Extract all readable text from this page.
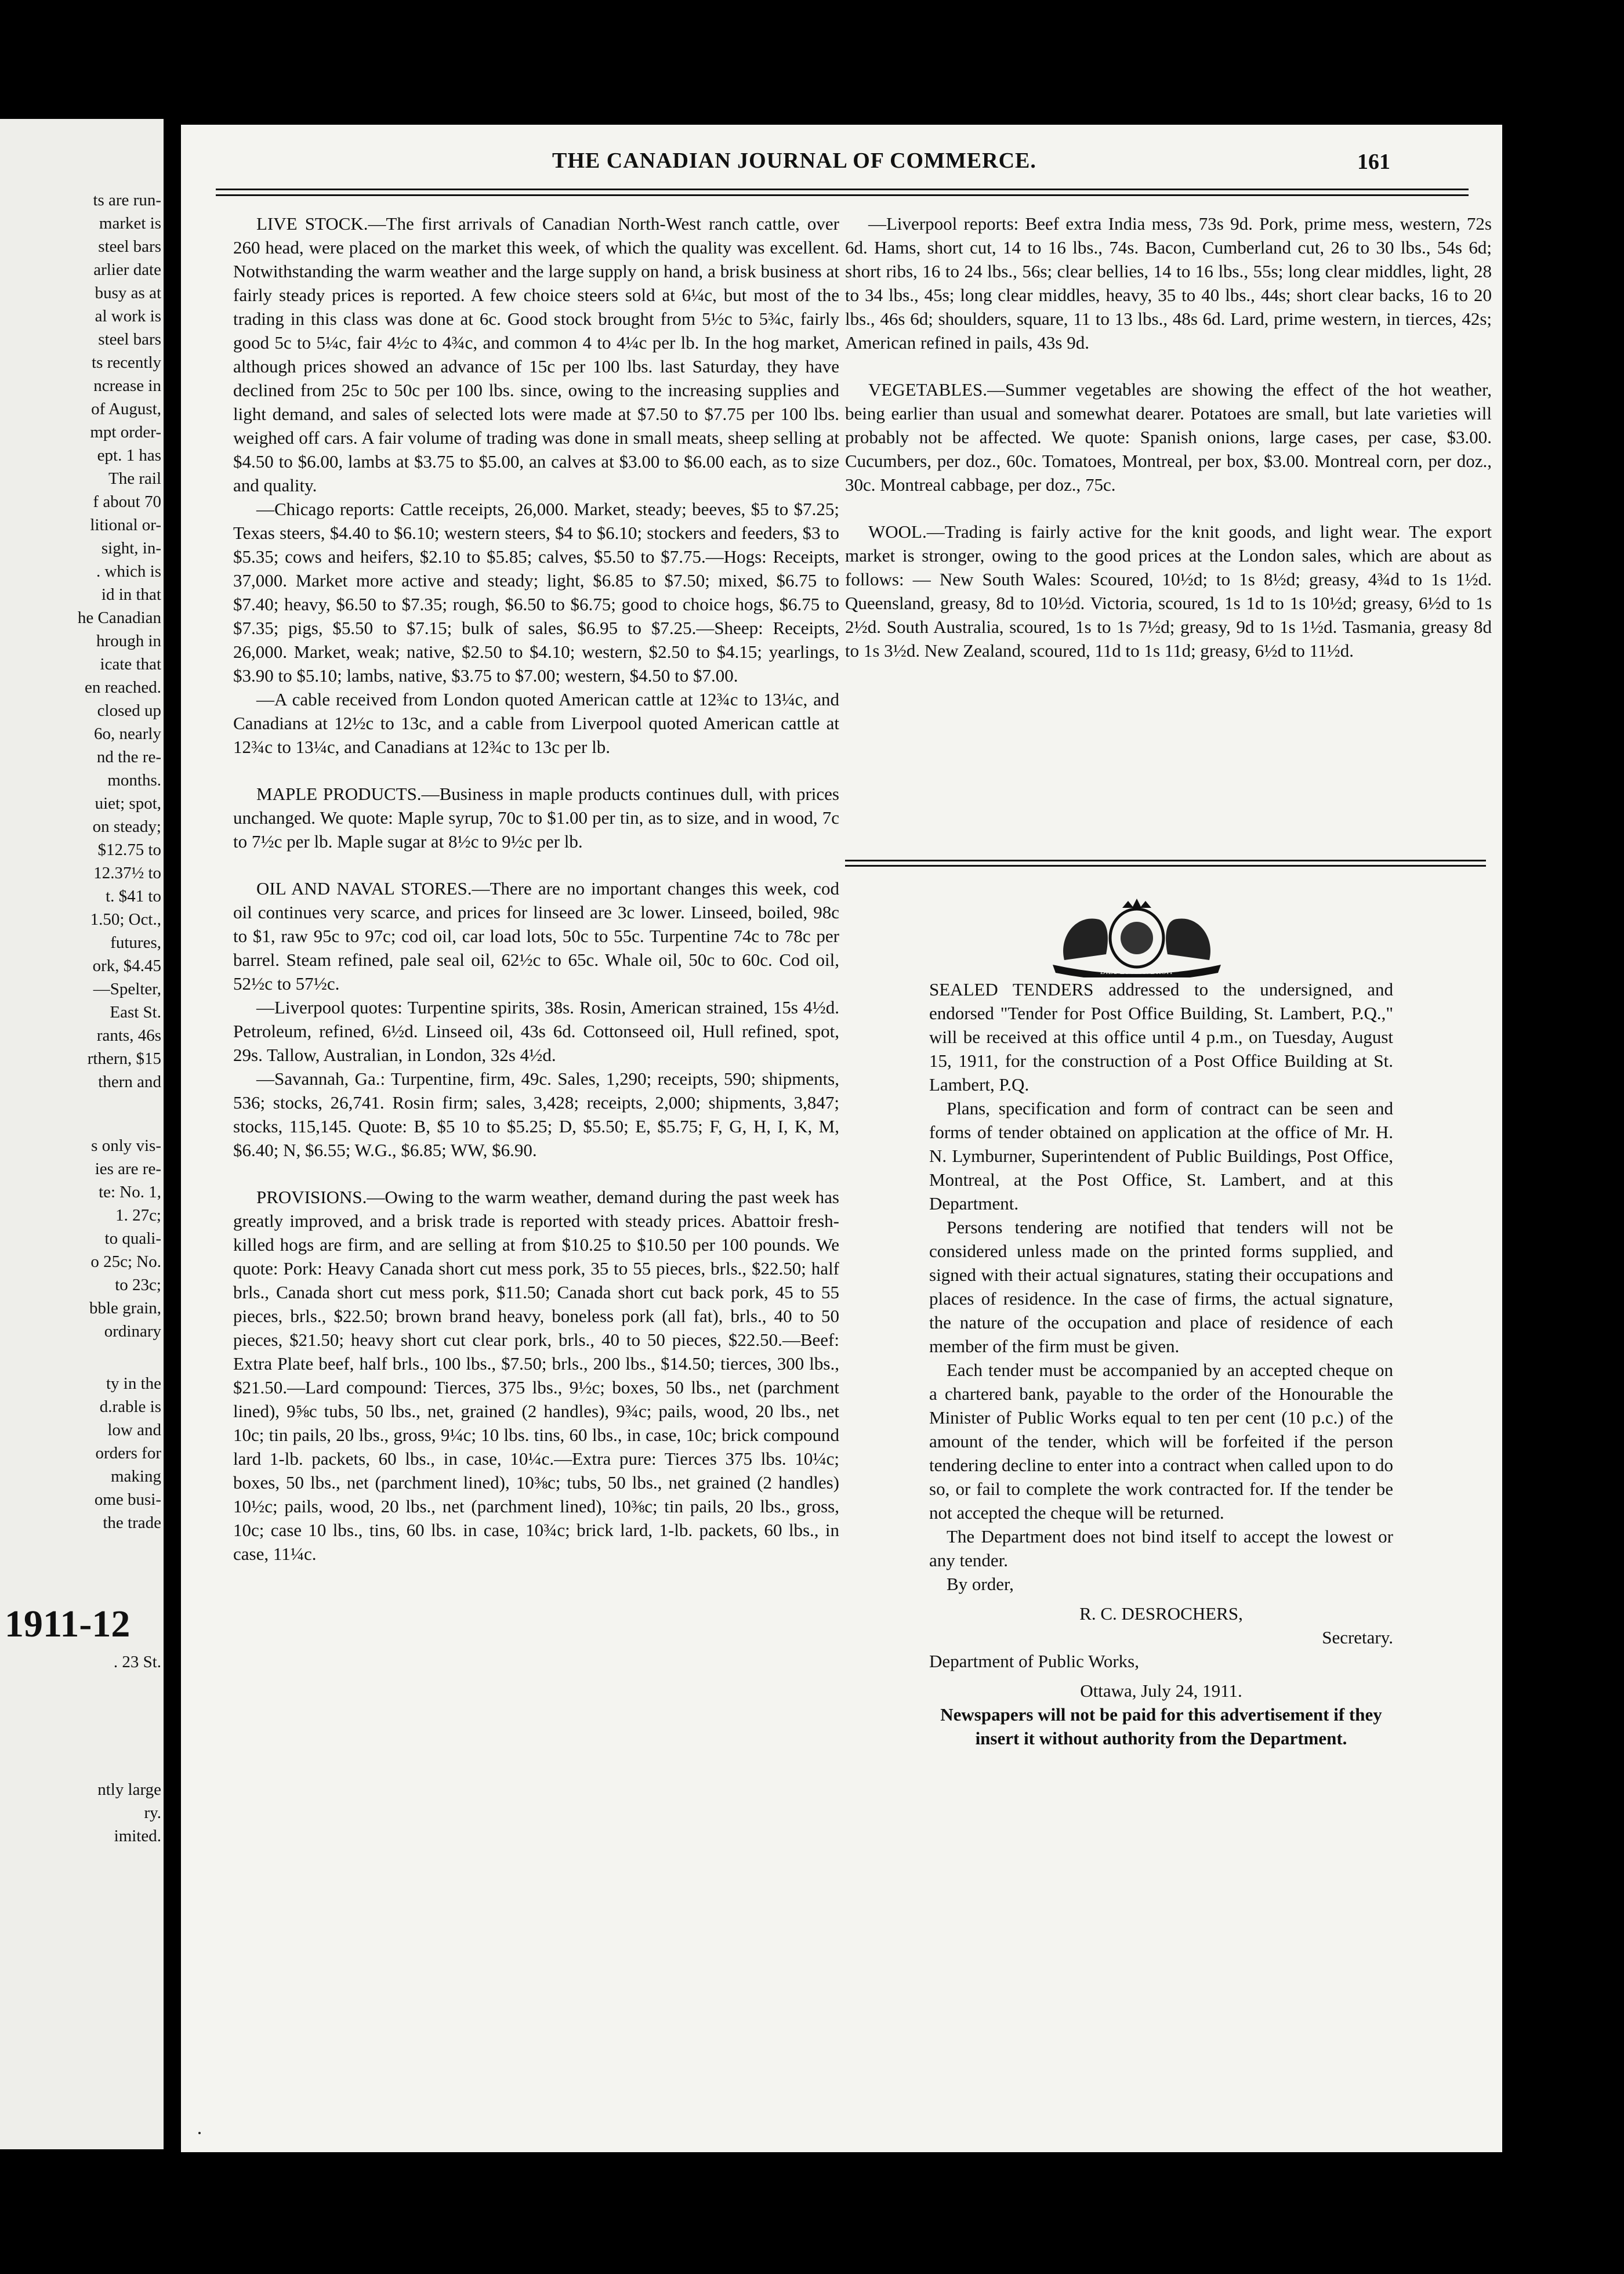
ts are run-
market is
steel bars
arlier date
busy as at
al work is
steel bars
ts recently
ncrease in
of August,
mpt order-
ept. 1 has
The rail
f about 70
litional or-
sight, in-
. which is
id in that
he Canadian
hrough in
icate that
en reached.
closed up
6o, nearly
nd the re-
months.
uiet; spot,
on steady;
$12.75 to
12.37½ to
t. $41 to
1.50; Oct.,
futures,
ork, $4.45
—Spelter,
East St.
rants, 46s
rthern, $15
thern and
s only vis-
ies are re-
te: No. 1,
1. 27c;
to quali-
o 25c; No.
to 23c;
bble grain,
ordinary
ty in the
d.rable is
low and
orders for
making
ome busi-
the trade
1911-12
. 23 St.
ntly large
ry.
imited.
THE CANADIAN JOURNAL OF COMMERCE.	161

LIVE STOCK.—The first arrivals of Canadian North-West ranch cattle, over 260 head, were placed on the market this week, of which the quality was excellent. Notwithstanding the warm weather and the large supply on hand, a brisk business at fairly steady prices is reported. A few choice steers sold at 6¼c, but most of the trading in this class was done at 6c. Good stock brought from 5½c to 5¾c, fairly good 5c to 5¼c, fair 4½c to 4¾c, and common 4 to 4¼c per lb. In the hog market, although prices showed an advance of 15c per 100 lbs. last Saturday, they have declined from 25c to 50c per 100 lbs. since, owing to the increasing supplies and light demand, and sales of selected lots were made at $7.50 to $7.75 per 100 lbs. weighed off cars. A fair volume of trading was done in small meats, sheep selling at $4.50 to $6.00, lambs at $3.75 to $5.00, an calves at $3.00 to $6.00 each, as to size and quality.

—Chicago reports: Cattle receipts, 26,000. Market, steady; beeves, $5 to $7.25; Texas steers, $4.40 to $6.10; western steers, $4 to $6.10; stockers and feeders, $3 to $5.35; cows and heifers, $2.10 to $5.85; calves, $5.50 to $7.75.—Hogs: Receipts, 37,000. Market more active and steady; light, $6.85 to $7.50; mixed, $6.75 to $7.40; heavy, $6.50 to $7.35; rough, $6.50 to $6.75; good to choice hogs, $6.75 to $7.35; pigs, $5.50 to $7.15; bulk of sales, $6.95 to $7.25.—Sheep: Receipts, 26,000. Market, weak; native, $2.50 to $4.10; western, $2.50 to $4.15; yearlings, $3.90 to $5.10; lambs, native, $3.75 to $7.00; western, $4.50 to $7.00.

—A cable received from London quoted American cattle at 12¾c to 13¼c, and Canadians at 12½c to 13c, and a cable from Liverpool quoted American cattle at 12¾c to 13¼c, and Canadians at 12¾c to 13c per lb.

MAPLE PRODUCTS.—Business in maple products continues dull, with prices unchanged. We quote: Maple syrup, 70c to $1.00 per tin, as to size, and in wood, 7c to 7½c per lb. Maple sugar at 8½c to 9½c per lb.

OIL AND NAVAL STORES.—There are no important changes this week, cod oil continues very scarce, and prices for linseed are 3c lower. Linseed, boiled, 98c to $1, raw 95c to 97c; cod oil, car load lots, 50c to 55c. Turpentine 74c to 78c per barrel. Steam refined, pale seal oil, 62½c to 65c. Whale oil, 50c to 60c. Cod oil, 52½c to 57½c.

—Liverpool quotes: Turpentine spirits, 38s. Rosin, American strained, 15s 4½d. Petroleum, refined, 6½d. Linseed oil, 43s 6d. Cottonseed oil, Hull refined, spot, 29s. Tallow, Australian, in London, 32s 4½d.

—Savannah, Ga.: Turpentine, firm, 49c. Sales, 1,290; receipts, 590; shipments, 536; stocks, 26,741. Rosin firm; sales, 3,428; receipts, 2,000; shipments, 3,847; stocks, 115,145. Quote: B, $5 10 to $5.25; D, $5.50; E, $5.75; F, G, H, I, K, M, $6.40; N, $6.55; W.G., $6.85; WW, $6.90.

PROVISIONS.—Owing to the warm weather, demand during the past week has greatly improved, and a brisk trade is reported with steady prices. Abattoir fresh-killed hogs are firm, and are selling at from $10.25 to $10.50 per 100 pounds. We quote: Pork: Heavy Canada short cut mess pork, 35 to 55 pieces, brls., $22.50; half brls., Canada short cut mess pork, $11.50; Canada short cut back pork, 45 to 55 pieces, brls., $22.50; brown brand heavy, boneless pork (all fat), brls., 40 to 50 pieces, $21.50; heavy short cut clear pork, brls., 40 to 50 pieces, $22.50.—Beef: Extra Plate beef, half brls., 100 lbs., $7.50; brls., 200 lbs., $14.50; tierces, 300 lbs., $21.50.—Lard compound: Tierces, 375 lbs., 9½c; boxes, 50 lbs., net (parchment lined), 9⅝c tubs, 50 lbs., net, grained (2 handles), 9¾c; pails, wood, 20 lbs., net 10c; tin pails, 20 lbs., gross, 9¼c; 10 lbs. tins, 60 lbs., in case, 10c; brick compound lard 1-lb. packets, 60 lbs., in case, 10¼c.—Extra pure: Tierces 375 lbs. 10¼c; boxes, 50 lbs., net (parchment lined), 10⅜c; tubs, 50 lbs., net grained (2 handles) 10½c; pails, wood, 20 lbs., net (parchment lined), 10⅜c; tin pails, 20 lbs., gross, 10c; case 10 lbs., tins, 60 lbs. in case, 10¾c; brick lard, 1-lb. packets, 60 lbs., in case, 11¼c.

—Liverpool reports: Beef extra India mess, 73s 9d. Pork, prime mess, western, 72s 6d. Hams, short cut, 14 to 16 lbs., 74s. Bacon, Cumberland cut, 26 to 30 lbs., 54s 6d; short ribs, 16 to 24 lbs., 56s; clear bellies, 14 to 16 lbs., 55s; long clear middles, light, 28 to 34 lbs., 45s; long clear middles, heavy, 35 to 40 lbs., 44s; short clear backs, 16 to 20 lbs., 46s 6d; shoulders, square, 11 to 13 lbs., 48s 6d. Lard, prime western, in tierces, 42s; American refined in pails, 43s 9d.

VEGETABLES.—Summer vegetables are showing the effect of the hot weather, being earlier than usual and somewhat dearer. Potatoes are small, but late varieties will probably not be affected. We quote: Spanish onions, large cases, per case, $3.00. Cucumbers, per doz., 60c. Tomatoes, Montreal, per box, $3.00. Montreal corn, per doz., 30c. Montreal cabbage, per doz., 75c.

WOOL.—Trading is fairly active for the knit goods, and light wear. The export market is stronger, owing to the good prices at the London sales, which are about as follows: — New South Wales: Scoured, 10½d; to 1s 8½d; greasy, 4¾d to 1s 1½d. Queensland, greasy, 8d to 10½d. Victoria, scoured, 1s 1d to 1s 10½d; greasy, 6½d to 1s 2½d. South Australia, scoured, 1s to 1s 7½d; greasy, 9d to 1s 1½d. Tasmania, greasy 8d to 1s 3½d. New Zealand, scoured, 11d to 1s 11d; greasy, 6½d to 11½d.

DIEU ET MON DROIT

SEALED TENDERS addressed to the undersigned, and endorsed "Tender for Post Office Building, St. Lambert, P.Q.," will be received at this office until 4 p.m., on Tuesday, August 15, 1911, for the construction of a Post Office Building at St. Lambert, P.Q.

Plans, specification and form of contract can be seen and forms of tender obtained on application at the office of Mr. H. N. Lymburner, Superintendent of Public Buildings, Post Office, Montreal, at the Post Office, St. Lambert, and at this Department.

Persons tendering are notified that tenders will not be considered unless made on the printed forms supplied, and signed with their actual signatures, stating their occupations and places of residence. In the case of firms, the actual signature, the nature of the occupation and place of residence of each member of the firm must be given.

Each tender must be accompanied by an accepted cheque on a chartered bank, payable to the order of the Honourable the Minister of Public Works equal to ten per cent (10 p.c.) of the amount of the tender, which will be forfeited if the person tendering decline to enter into a contract when called upon to do so, or fail to complete the work contracted for. If the tender be not accepted the cheque will be returned.

The Department does not bind itself to accept the lowest or any tender.

By order,

R. C. DESROCHERS,

Secretary.

Department of Public Works,

Ottawa, July 24, 1911.

Newspapers will not be paid for this advertisement if they insert it without authority from the Department.
